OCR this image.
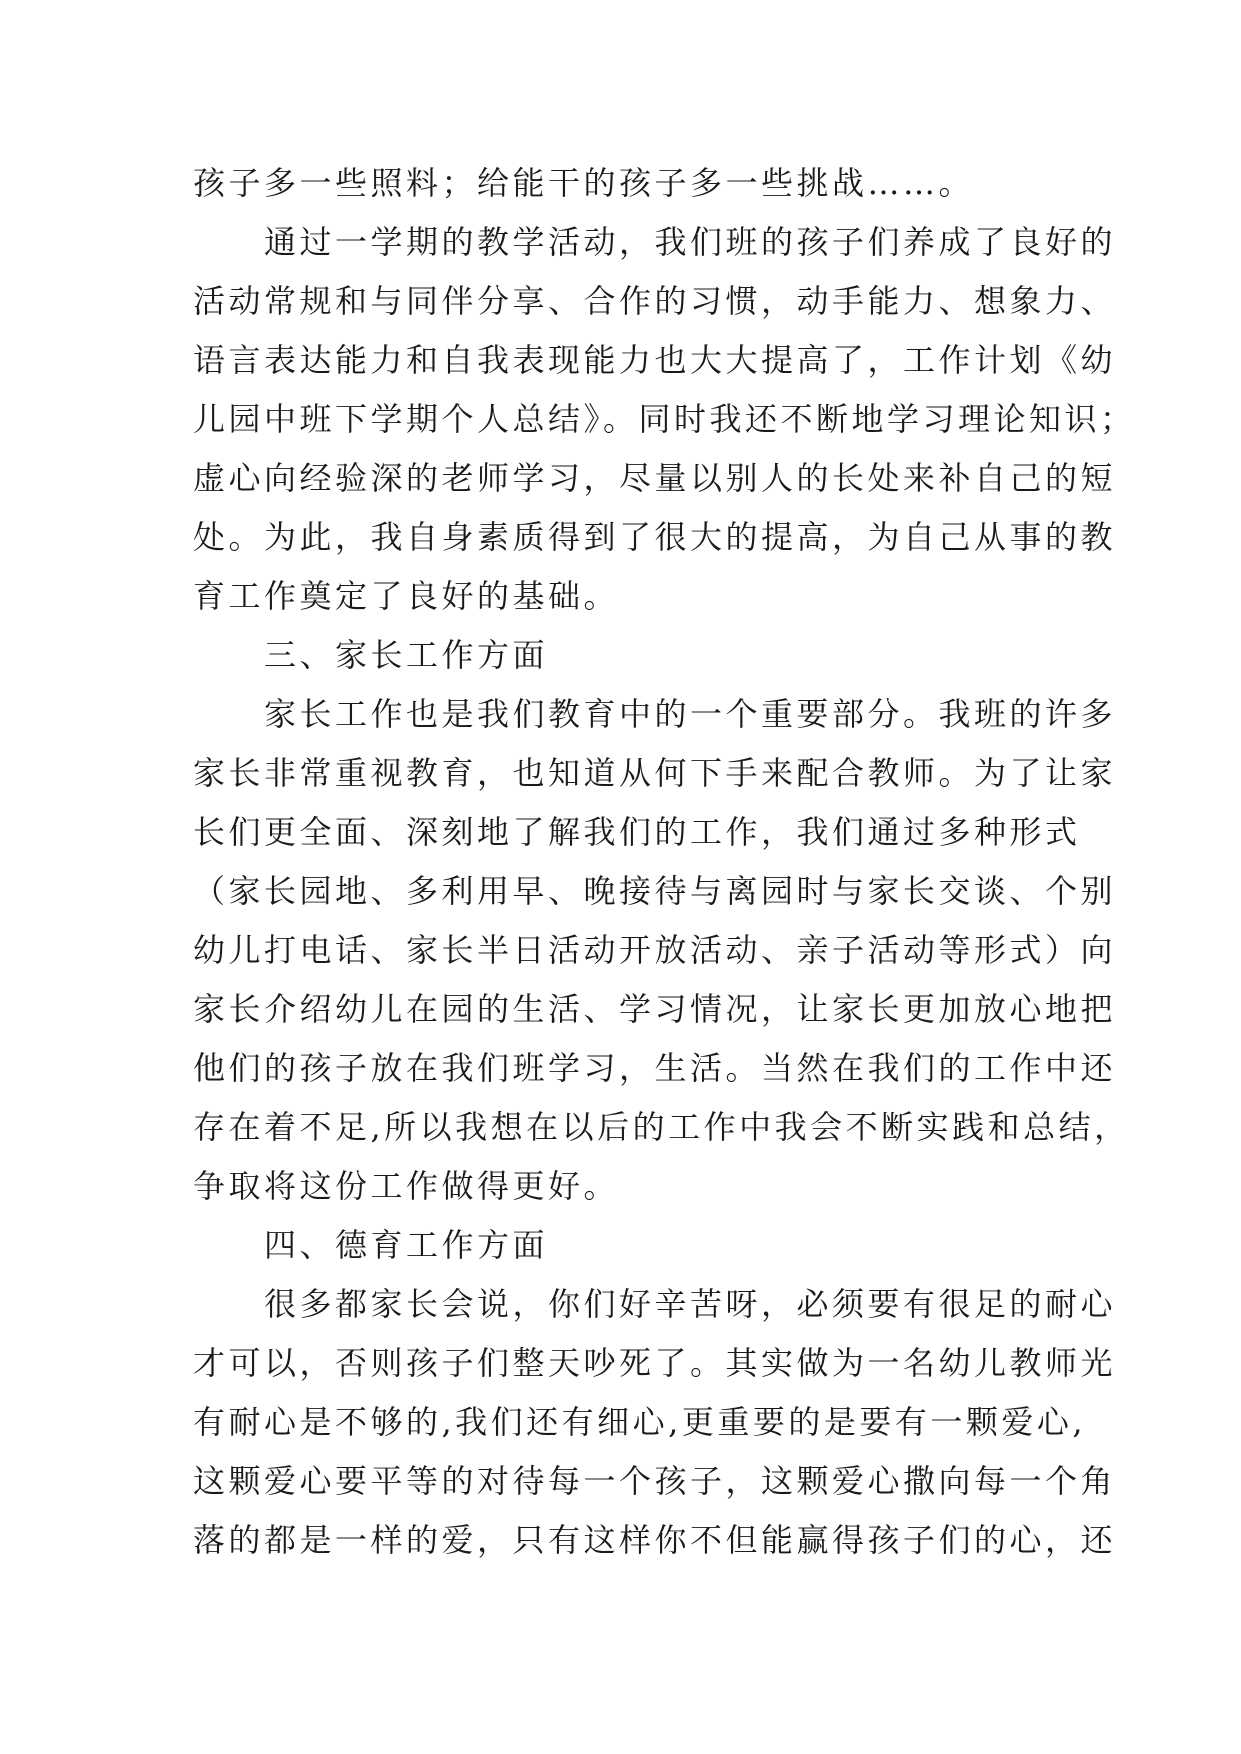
孩子多一些照料；给能干的孩子多一些挑战……。
　　通过一学期的教学活动，我们班的孩子们养成了良好的
活动常规和与同伴分享、合作的习惯，动手能力、想象力、
语言表达能力和自我表现能力也大大提高了，工作计划《幼
儿园中班下学期个人总结》。同时我还不断地学习理论知识；
虚心向经验深的老师学习，尽量以别人的长处来补自己的短
处。为此，我自身素质得到了很大的提高，为自己从事的教
育工作奠定了良好的基础。
　　三、家长工作方面
　　家长工作也是我们教育中的一个重要部分。我班的许多
家长非常重视教育，也知道从何下手来配合教师。为了让家
长们更全面、深刻地了解我们的工作，我们通过多种形式
（家长园地、多利用早、晚接待与离园时与家长交谈、个别
幼儿打电话、家长半日活动开放活动、亲子活动等形式）向
家长介绍幼儿在园的生活、学习情况，让家长更加放心地把
他们的孩子放在我们班学习，生活。当然在我们的工作中还
存在着不足,所以我想在以后的工作中我会不断实践和总结，
争取将这份工作做得更好。
　　四、德育工作方面
　　很多都家长会说，你们好辛苦呀，必须要有很足的耐心
才可以，否则孩子们整天吵死了。其实做为一名幼儿教师光
有耐心是不够的,我们还有细心,更重要的是要有一颗爱心,
这颗爱心要平等的对待每一个孩子，这颗爱心撒向每一个角
落的都是一样的爱，只有这样你不但能赢得孩子们的心，还
